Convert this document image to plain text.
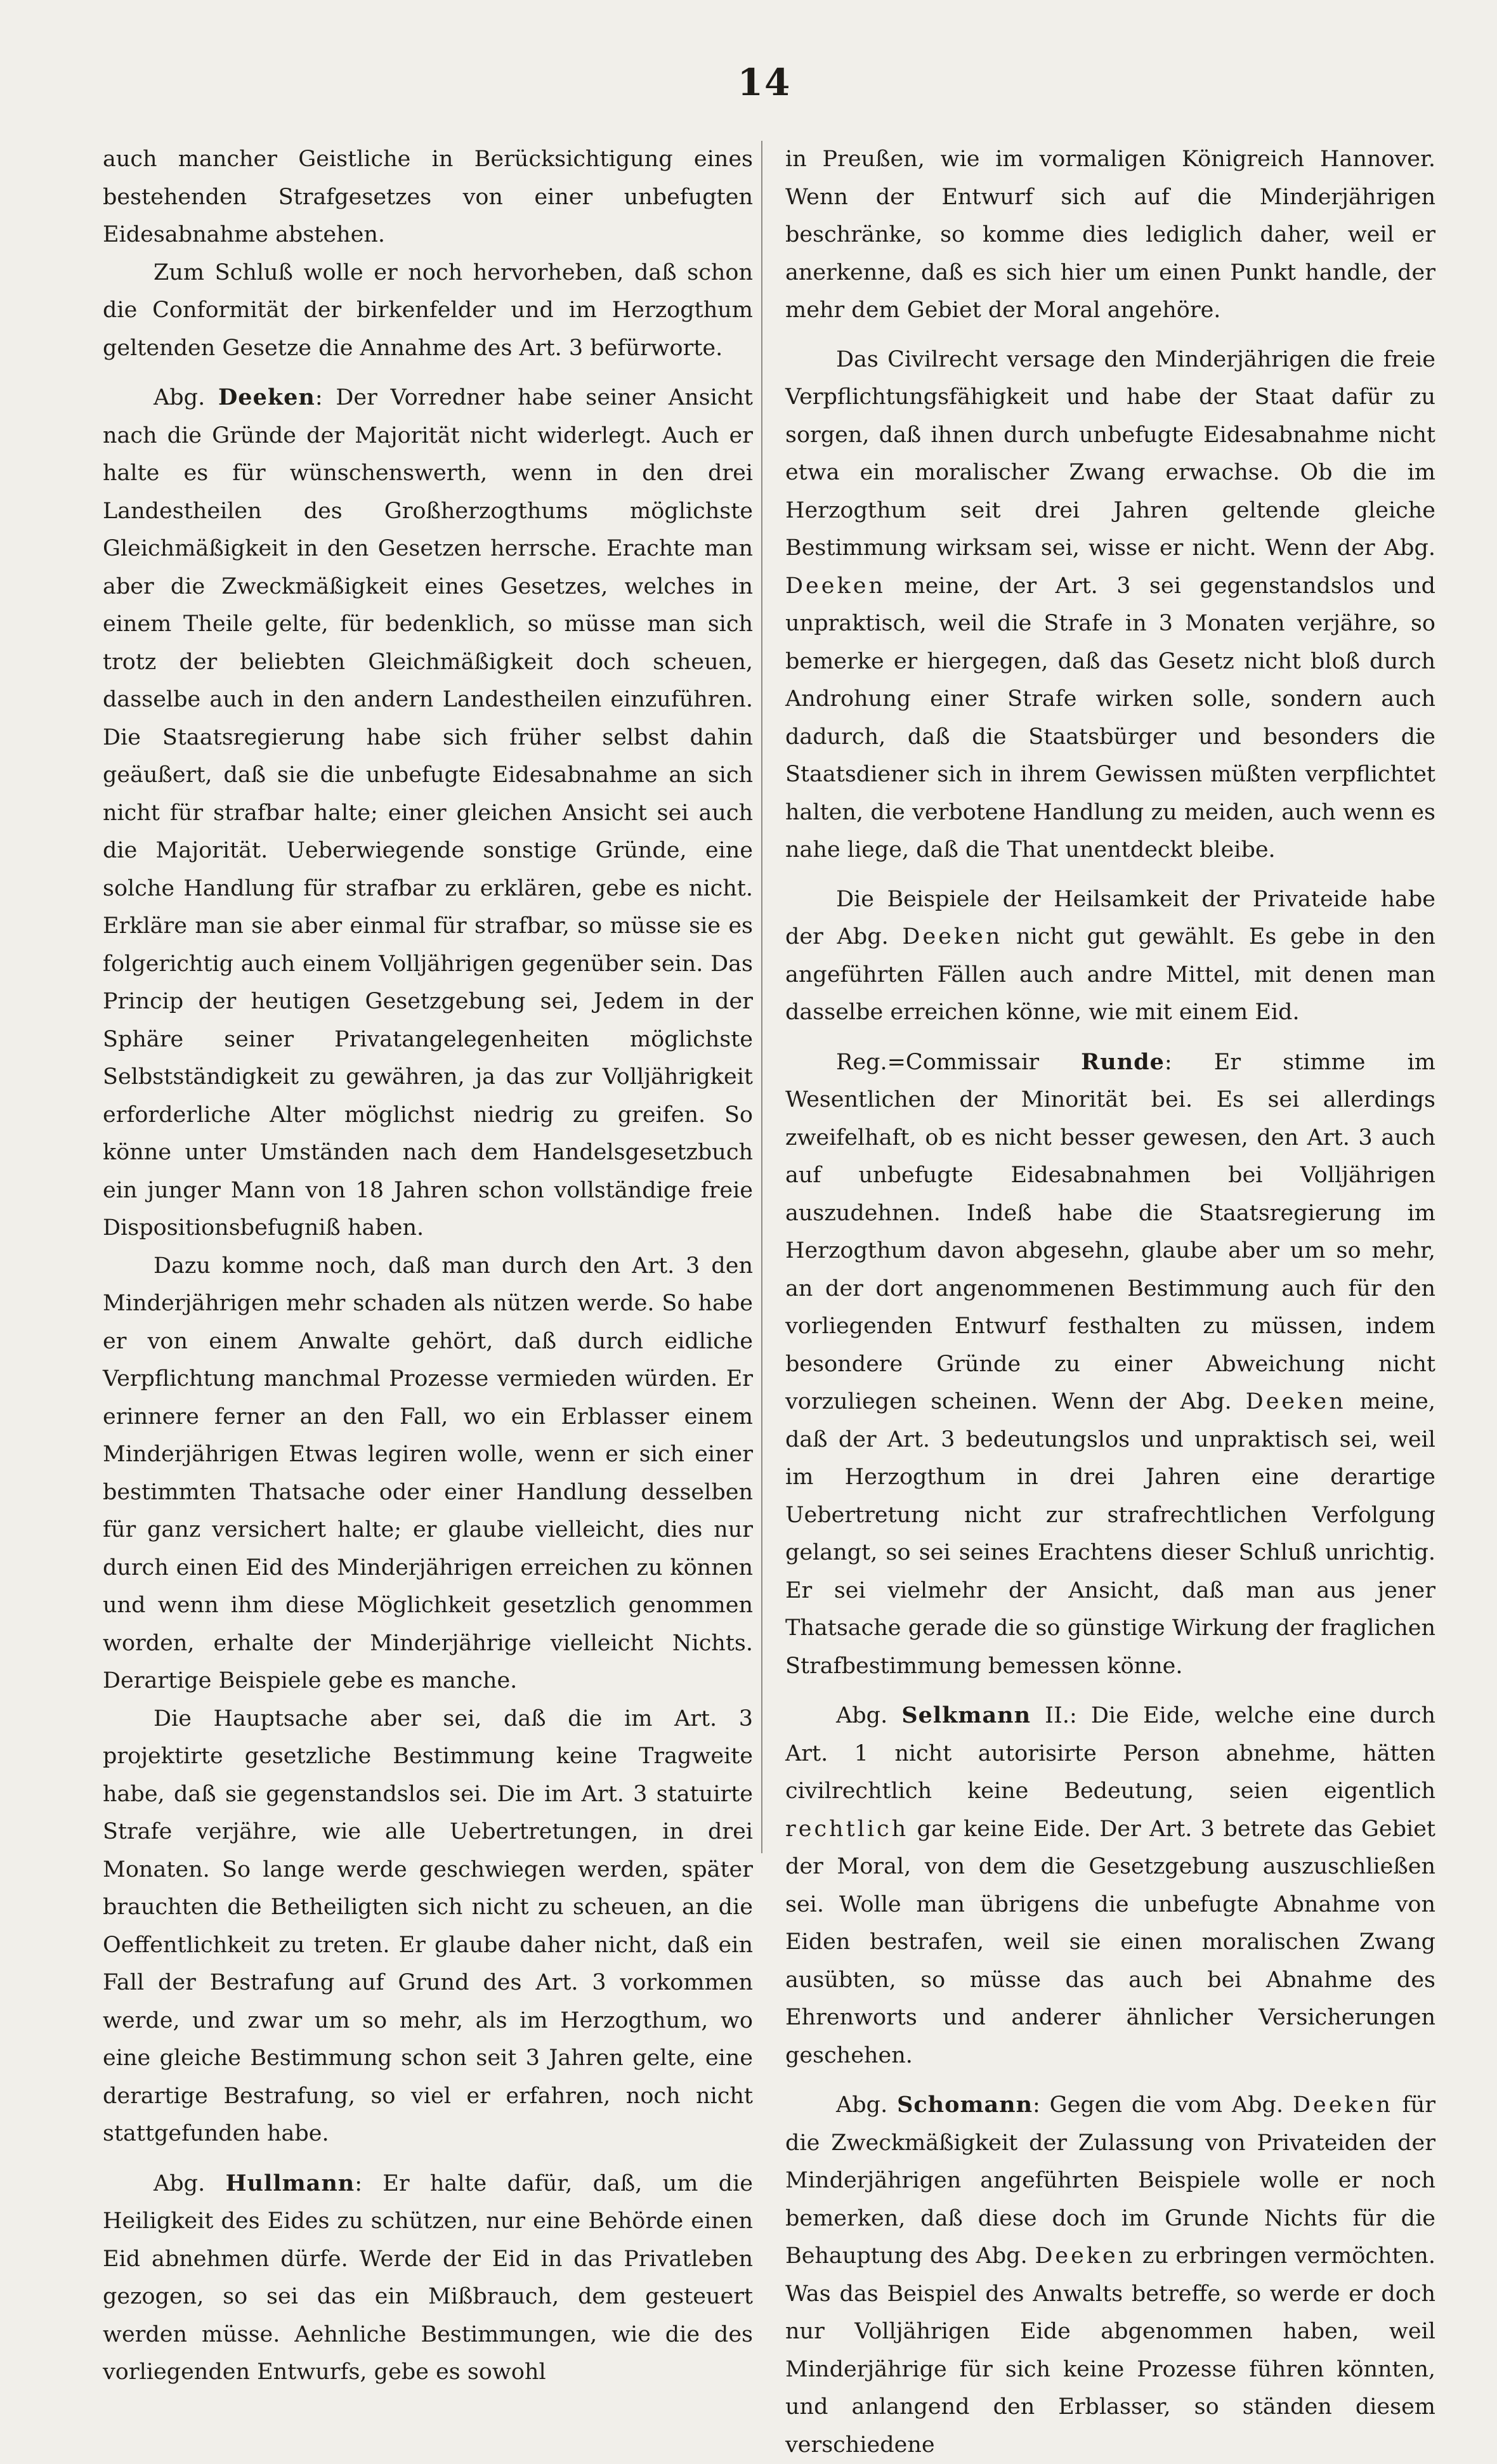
14

auch mancher Geistliche in Berücksichtigung eines bestehenden Strafgesetzes von einer unbefugten Eidesabnahme abstehen.

Zum Schluß wolle er noch hervorheben, daß schon die Conformität der birkenfelder und im Herzogthum geltenden Gesetze die Annahme des Art. 3 befürworte.

Abg. Deeken: Der Vorredner habe seiner Ansicht nach die Gründe der Majorität nicht widerlegt. Auch er halte es für wünschenswerth, wenn in den drei Landestheilen des Großherzogthums möglichste Gleichmäßigkeit in den Gesetzen herrsche. Erachte man aber die Zweckmäßigkeit eines Gesetzes, welches in einem Theile gelte, für bedenklich, so müsse man sich trotz der beliebten Gleichmäßigkeit doch scheuen, dasselbe auch in den andern Landestheilen einzuführen. Die Staatsregierung habe sich früher selbst dahin geäußert, daß sie die unbefugte Eidesabnahme an sich nicht für strafbar halte; einer gleichen Ansicht sei auch die Majorität. Ueberwiegende sonstige Gründe, eine solche Handlung für strafbar zu erklären, gebe es nicht. Erkläre man sie aber einmal für strafbar, so müsse sie es folgerichtig auch einem Volljährigen gegenüber sein. Das Princip der heutigen Gesetzgebung sei, Jedem in der Sphäre seiner Privatangelegenheiten möglichste Selbstständigkeit zu gewähren, ja das zur Volljährigkeit erforderliche Alter möglichst niedrig zu greifen. So könne unter Umständen nach dem Handelsgesetzbuch ein junger Mann von 18 Jahren schon vollständige freie Dispositionsbefugniß haben.

Dazu komme noch, daß man durch den Art. 3 den Minderjährigen mehr schaden als nützen werde. So habe er von einem Anwalte gehört, daß durch eidliche Verpflichtung manchmal Prozesse vermieden würden. Er erinnere ferner an den Fall, wo ein Erblasser einem Minderjährigen Etwas legiren wolle, wenn er sich einer bestimmten Thatsache oder einer Handlung desselben für ganz versichert halte; er glaube vielleicht, dies nur durch einen Eid des Minderjährigen erreichen zu können und wenn ihm diese Möglichkeit gesetzlich genommen worden, erhalte der Minderjährige vielleicht Nichts. Derartige Beispiele gebe es manche.

Die Hauptsache aber sei, daß die im Art. 3 projektirte gesetzliche Bestimmung keine Tragweite habe, daß sie gegenstandslos sei. Die im Art. 3 statuirte Strafe verjähre, wie alle Uebertretungen, in drei Monaten. So lange werde geschwiegen werden, später brauchten die Betheiligten sich nicht zu scheuen, an die Oeffentlichkeit zu treten. Er glaube daher nicht, daß ein Fall der Bestrafung auf Grund des Art. 3 vorkommen werde, und zwar um so mehr, als im Herzogthum, wo eine gleiche Bestimmung schon seit 3 Jahren gelte, eine derartige Bestrafung, so viel er erfahren, noch nicht stattgefunden habe.

Abg. Hullmann: Er halte dafür, daß, um die Heiligkeit des Eides zu schützen, nur eine Behörde einen Eid abnehmen dürfe. Werde der Eid in das Privatleben gezogen, so sei das ein Mißbrauch, dem gesteuert werden müsse. Aehnliche Bestimmungen, wie die des vorliegenden Entwurfs, gebe es sowohl

in Preußen, wie im vormaligen Königreich Hannover. Wenn der Entwurf sich auf die Minderjährigen beschränke, so komme dies lediglich daher, weil er anerkenne, daß es sich hier um einen Punkt handle, der mehr dem Gebiet der Moral angehöre.

Das Civilrecht versage den Minderjährigen die freie Verpflichtungsfähigkeit und habe der Staat dafür zu sorgen, daß ihnen durch unbefugte Eidesabnahme nicht etwa ein moralischer Zwang erwachse. Ob die im Herzogthum seit drei Jahren geltende gleiche Bestimmung wirksam sei, wisse er nicht. Wenn der Abg. Deeken meine, der Art. 3 sei gegenstandslos und unpraktisch, weil die Strafe in 3 Monaten verjähre, so bemerke er hiergegen, daß das Gesetz nicht bloß durch Androhung einer Strafe wirken solle, sondern auch dadurch, daß die Staatsbürger und besonders die Staatsdiener sich in ihrem Gewissen müßten verpflichtet halten, die verbotene Handlung zu meiden, auch wenn es nahe liege, daß die That unentdeckt bleibe.

Die Beispiele der Heilsamkeit der Privateide habe der Abg. Deeken nicht gut gewählt. Es gebe in den angeführten Fällen auch andre Mittel, mit denen man dasselbe erreichen könne, wie mit einem Eid.

Reg.=Commissair Runde: Er stimme im Wesentlichen der Minorität bei. Es sei allerdings zweifelhaft, ob es nicht besser gewesen, den Art. 3 auch auf unbefugte Eidesabnahmen bei Volljährigen auszudehnen. Indeß habe die Staatsregierung im Herzogthum davon abgesehn, glaube aber um so mehr, an der dort angenommenen Bestimmung auch für den vorliegenden Entwurf festhalten zu müssen, indem besondere Gründe zu einer Abweichung nicht vorzuliegen scheinen. Wenn der Abg. Deeken meine, daß der Art. 3 bedeutungslos und unpraktisch sei, weil im Herzogthum in drei Jahren eine derartige Uebertretung nicht zur strafrechtlichen Verfolgung gelangt, so sei seines Erachtens dieser Schluß unrichtig. Er sei vielmehr der Ansicht, daß man aus jener Thatsache gerade die so günstige Wirkung der fraglichen Strafbestimmung bemessen könne.

Abg. Selkmann II.: Die Eide, welche eine durch Art. 1 nicht autorisirte Person abnehme, hätten civilrechtlich keine Bedeutung, seien eigentlich rechtlich gar keine Eide. Der Art. 3 betrete das Gebiet der Moral, von dem die Gesetzgebung auszuschließen sei. Wolle man übrigens die unbefugte Abnahme von Eiden bestrafen, weil sie einen moralischen Zwang ausübten, so müsse das auch bei Abnahme des Ehrenworts und anderer ähnlicher Versicherungen geschehen.

Abg. Schomann: Gegen die vom Abg. Deeken für die Zweckmäßigkeit der Zulassung von Privateiden der Minderjährigen angeführten Beispiele wolle er noch bemerken, daß diese doch im Grunde Nichts für die Behauptung des Abg. Deeken zu erbringen vermöchten. Was das Beispiel des Anwalts betreffe, so werde er doch nur Volljährigen Eide abgenommen haben, weil Minderjährige für sich keine Prozesse führen könnten, und anlangend den Erblasser, so ständen diesem verschiedene
